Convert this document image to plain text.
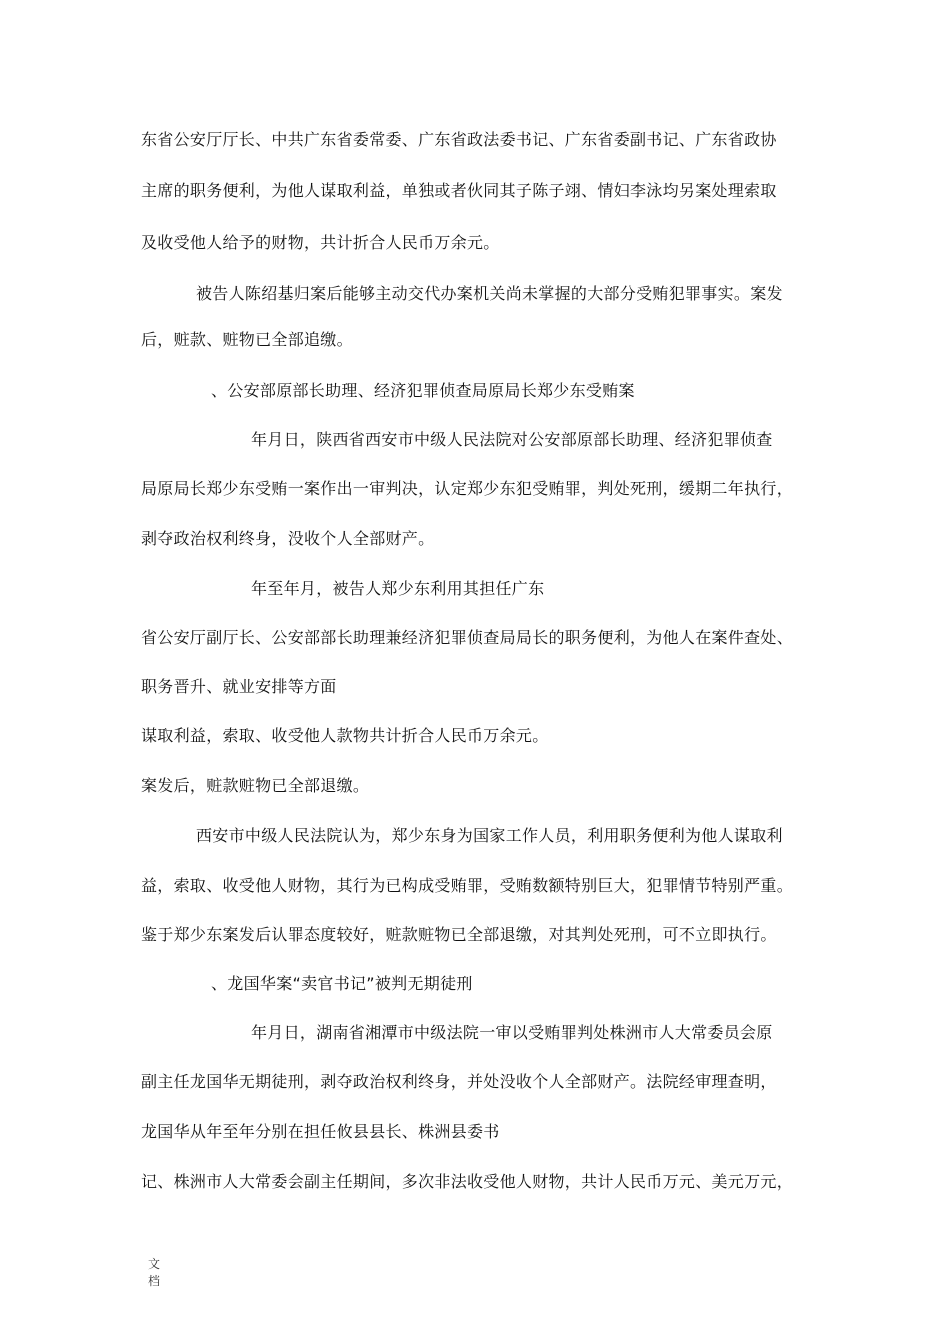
东省公安厅厅长、中共广东省委常委、广东省政法委书记、广东省委副书记、广东省政协
主席的职务便利，为他人谋取利益，单独或者伙同其子陈子翊、情妇李泳均另案处理索取
及收受他人给予的财物，共计折合人民币万余元。
被告人陈绍基归案后能够主动交代办案机关尚未掌握的大部分受贿犯罪事实。案发
后，赃款、赃物已全部追缴。
、公安部原部长助理、经济犯罪侦查局原局长郑少东受贿案
年月日，陕西省西安市中级人民法院对公安部原部长助理、经济犯罪侦查
局原局长郑少东受贿一案作出一审判决，认定郑少东犯受贿罪，判处死刑，缓期二年执行，
剥夺政治权利终身，没收个人全部财产。
年至年月，被告人郑少东利用其担任广东
省公安厅副厅长、公安部部长助理兼经济犯罪侦查局局长的职务便利，为他人在案件查处、
职务晋升、就业安排等方面
谋取利益，索取、收受他人款物共计折合人民币万余元。
案发后，赃款赃物已全部退缴。
西安市中级人民法院认为，郑少东身为国家工作人员，利用职务便利为他人谋取利
益，索取、收受他人财物，其行为已构成受贿罪，受贿数额特别巨大，犯罪情节特别严重。
鉴于郑少东案发后认罪态度较好，赃款赃物已全部退缴，对其判处死刑，可不立即执行。
、龙国华案“卖官书记”被判无期徒刑
年月日，湖南省湘潭市中级法院一审以受贿罪判处株洲市人大常委员会原
副主任龙国华无期徒刑，剥夺政治权利终身，并处没收个人全部财产。法院经审理查明，
龙国华从年至年分别在担任攸县县长、株洲县委书
记、株洲市人大常委会副主任期间，多次非法收受他人财物，共计人民币万元、美元万元，
文
档
